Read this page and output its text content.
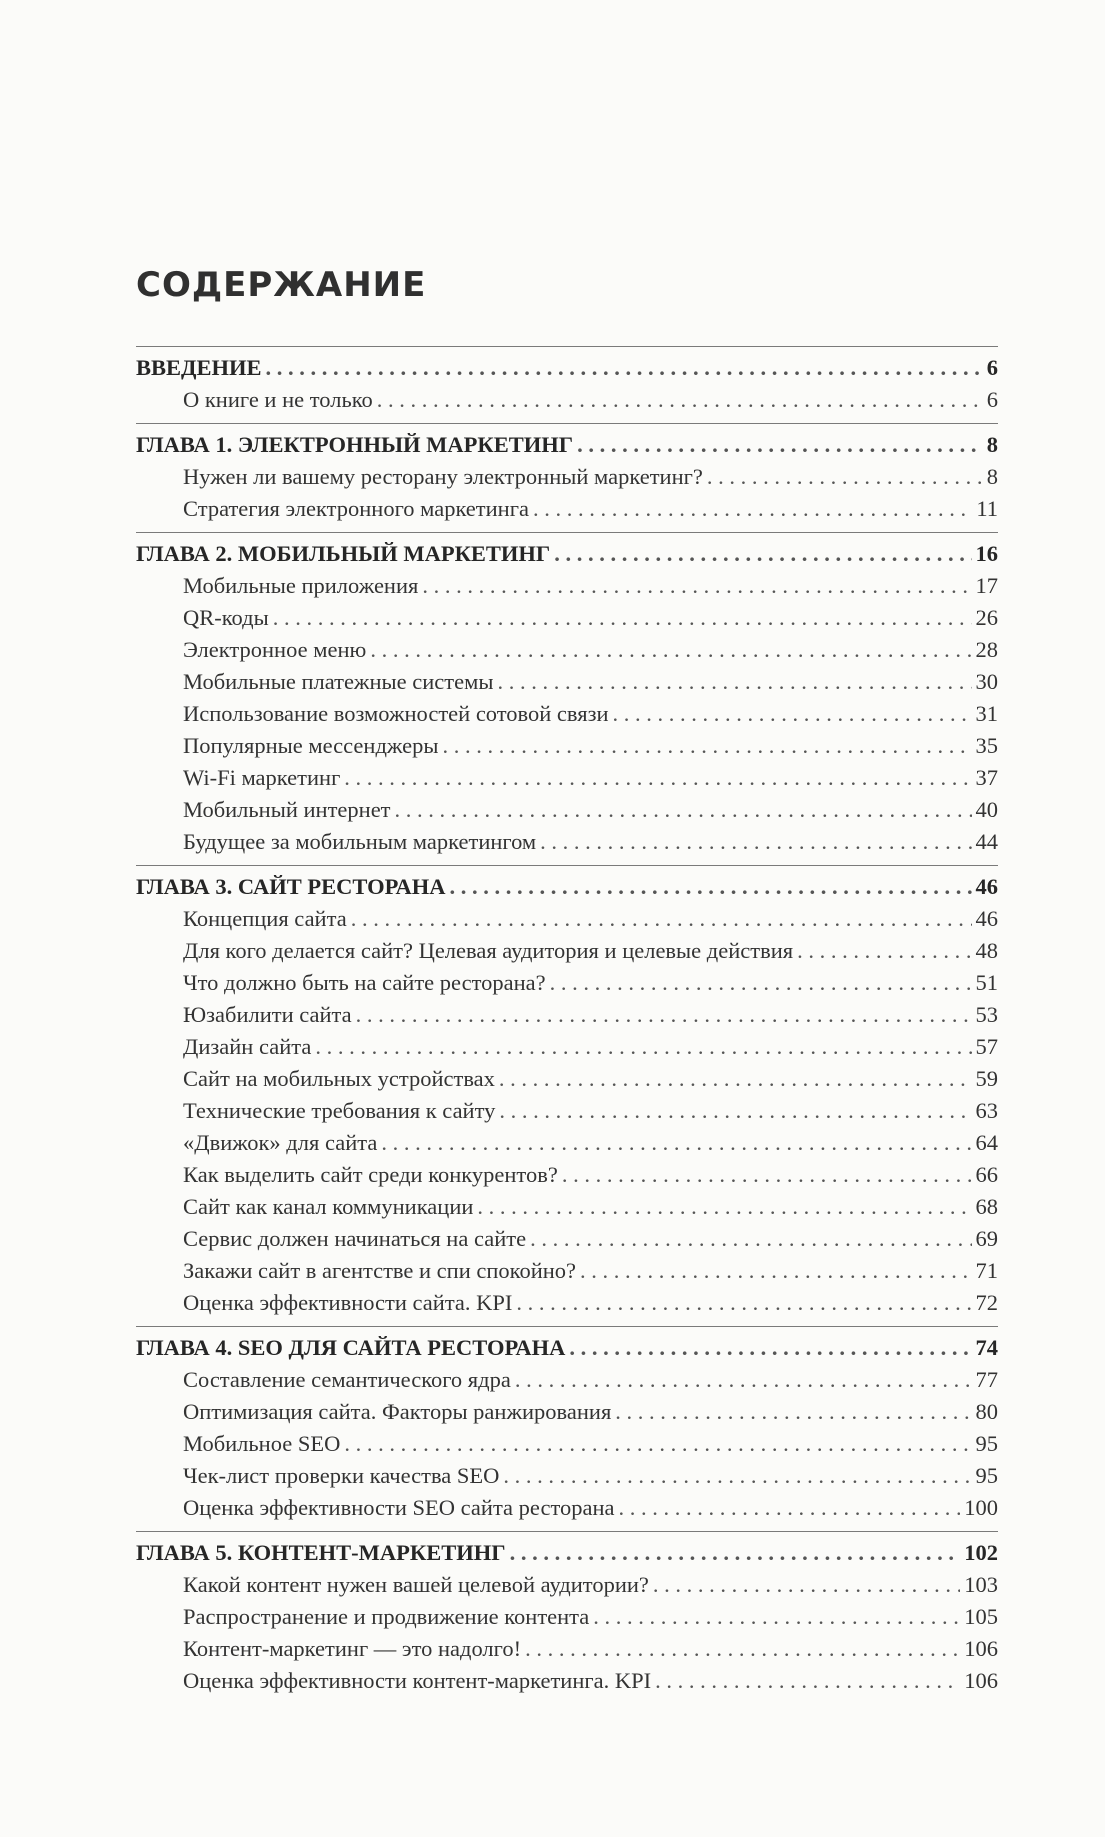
СОДЕРЖАНИЕ
ВВЕДЕНИЕ . . .	6
О книге и не только . . .	6
ГЛАВА 1. ЭЛЕКТРОННЫЙ МАРКЕТИНГ . . .	8
Нужен ли вашему ресторану электронный маркетинг? . . .	8
Стратегия электронного маркетинга . . .	11
ГЛАВА 2. МОБИЛЬНЫЙ МАРКЕТИНГ . . .	16
Мобильные приложения . . .	17
QR-коды . . .	26
Электронное меню . . .	28
Мобильные платежные системы . . .	30
Использование возможностей сотовой связи . . .	31
Популярные мессенджеры . . .	35
Wi-Fi маркетинг . . .	37
Мобильный интернет . . .	40
Будущее за мобильным маркетингом . . .	44
ГЛАВА 3. САЙТ РЕСТОРАНА . . .	46
Концепция сайта . . .	46
Для кого делается сайт? Целевая аудитория и целевые действия . . .	48
Что должно быть на сайте ресторана? . . .	51
Юзабилити сайта . . .	53
Дизайн сайта . . .	57
Сайт на мобильных устройствах . . .	59
Технические требования к сайту . . .	63
«Движок» для сайта . . .	64
Как выделить сайт среди конкурентов? . . .	66
Сайт как канал коммуникации . . .	68
Сервис должен начинаться на сайте . . .	69
Закажи сайт в агентстве и спи спокойно? . . .	71
Оценка эффективности сайта. KPI . . .	72
ГЛАВА 4. SEO ДЛЯ САЙТА РЕСТОРАНА . . .	74
Составление семантического ядра . . .	77
Оптимизация сайта. Факторы ранжирования . . .	80
Мобильное SEO . . .	95
Чек-лист проверки качества SEO . . .	95
Оценка эффективности SEO сайта ресторана . . .	100
ГЛАВА 5. КОНТЕНТ-МАРКЕТИНГ . . .	102
Какой контент нужен вашей целевой аудитории? . . .	103
Распространение и продвижение контента . . .	105
Контент-маркетинг — это надолго! . . .	106
Оценка эффективности контент-маркетинга. KPI . . .	106
